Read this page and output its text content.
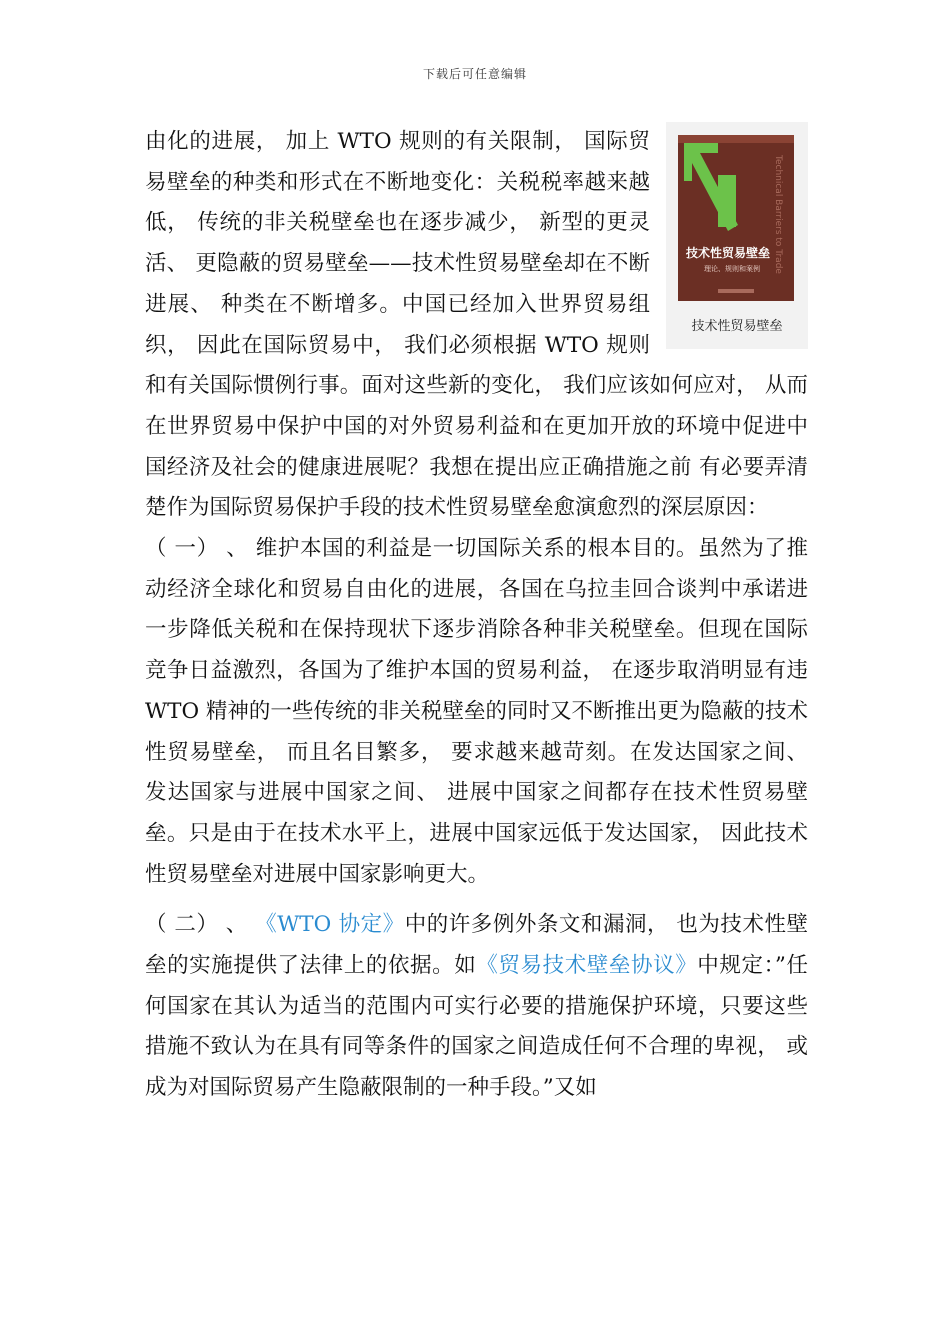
下载后可任意编辑
Technical Barriers to Trade
技术性贸易壁垒
理论、规则和案例
技术性贸易壁垒

由化的进展， 加上 WTO 规则的有关限制， 国际贸易壁垒的种类和形式在不断地变化：关税税率越来越低， 传统的非关税壁垒也在逐步减少， 新型的更灵活、 更隐蔽的贸易壁垒——技术性贸易壁垒却在不断进展、 种类在不断增多。中国已经加入世界贸易组织， 因此在国际贸易中， 我们必须根据 WTO 规则和有关国际惯例行事。面对这些新的变化， 我们应该如何应对， 从而在世界贸易中保护中国的对外贸易利益和在更加开放的环境中促进中国经济及社会的健康进展呢？我想在提出应正确措施之前 有必要弄清楚作为国际贸易保护手段的技术性贸易壁垒愈演愈烈的深层原因：

（ 一） 、 维护本国的利益是一切国际关系的根本目的。虽然为了推动经济全球化和贸易自由化的进展，各国在乌拉圭回合谈判中承诺进一步降低关税和在保持现状下逐步消除各种非关税壁垒。但现在国际竞争日益激烈，各国为了维护本国的贸易利益， 在逐步取消明显有违 WTO 精神的一些传统的非关税壁垒的同时又不断推出更为隐蔽的技术性贸易壁垒， 而且名目繁多， 要求越来越苛刻。在发达国家之间、 发达国家与进展中国家之间、 进展中国家之间都存在技术性贸易壁垒。只是由于在技术水平上，进展中国家远低于发达国家， 因此技术性贸易壁垒对进展中国家影响更大。

（ 二） 、 《WTO 协定》中的许多例外条文和漏洞， 也为技术性壁垒的实施提供了法律上的依据。如《贸易技术壁垒协议》中规定：”任何国家在其认为适当的范围内可实行必要的措施保护环境，只要这些措施不致认为在具有同等条件的国家之间造成任何不合理的卑视， 或成为对国际贸易产生隐蔽限制的一种手段。”又如
